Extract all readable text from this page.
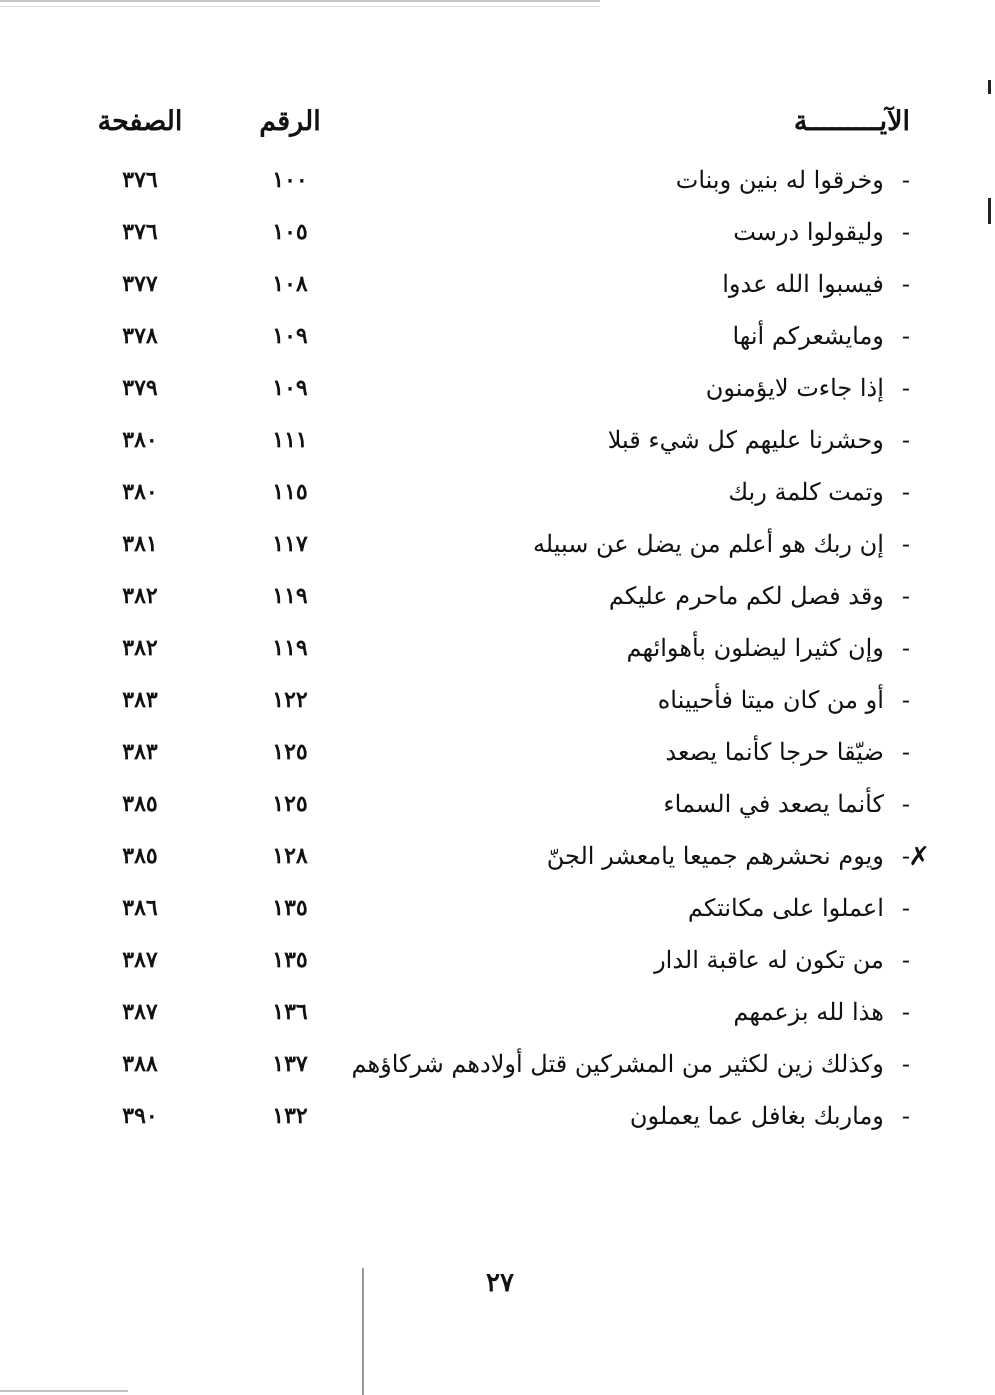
الآيـــــــــة
الرقم
الصفحة
-وخرقوا له بنين وبنات
١٠٠
٣٧٦
-وليقولوا درست
١٠٥
٣٧٦
-فيسبوا الله عدوا
١٠٨
٣٧٧
-ومايشعركم أنها
١٠٩
٣٧٨
-إذا جاءت لايؤمنون
١٠٩
٣٧٩
-وحشرنا عليهم كل شيء قبلا
١١١
٣٨٠
-وتمت كلمة ربك
١١٥
٣٨٠
-إن ربك هو أعلم من يضل عن سبيله
١١٧
٣٨١
-وقد فصل لكم ماحرم عليكم
١١٩
٣٨٢
-وإن كثيرا ليضلون بأهوائهم
١١٩
٣٨٢
-أو من كان ميتا فأحييناه
١٢٢
٣٨٣
-ضيّقا حرجا كأنما يصعد
١٢٥
٣٨٣
-كأنما يصعد في السماء
١٢٥
٣٨٥
✗
-ويوم نحشرهم جميعا يامعشر الجنّ
١٢٨
٣٨٥
-اعملوا على مكانتكم
١٣٥
٣٨٦
-من تكون له عاقبة الدار
١٣٥
٣٨٧
-هذا لله بزعمهم
١٣٦
٣٨٧
-وكذلك زين لكثير من المشركين قتل أولادهم شركاؤهم
١٣٧
٣٨٨
-وماربك بغافل عما يعملون
١٣٢
٣٩٠
٢٧
